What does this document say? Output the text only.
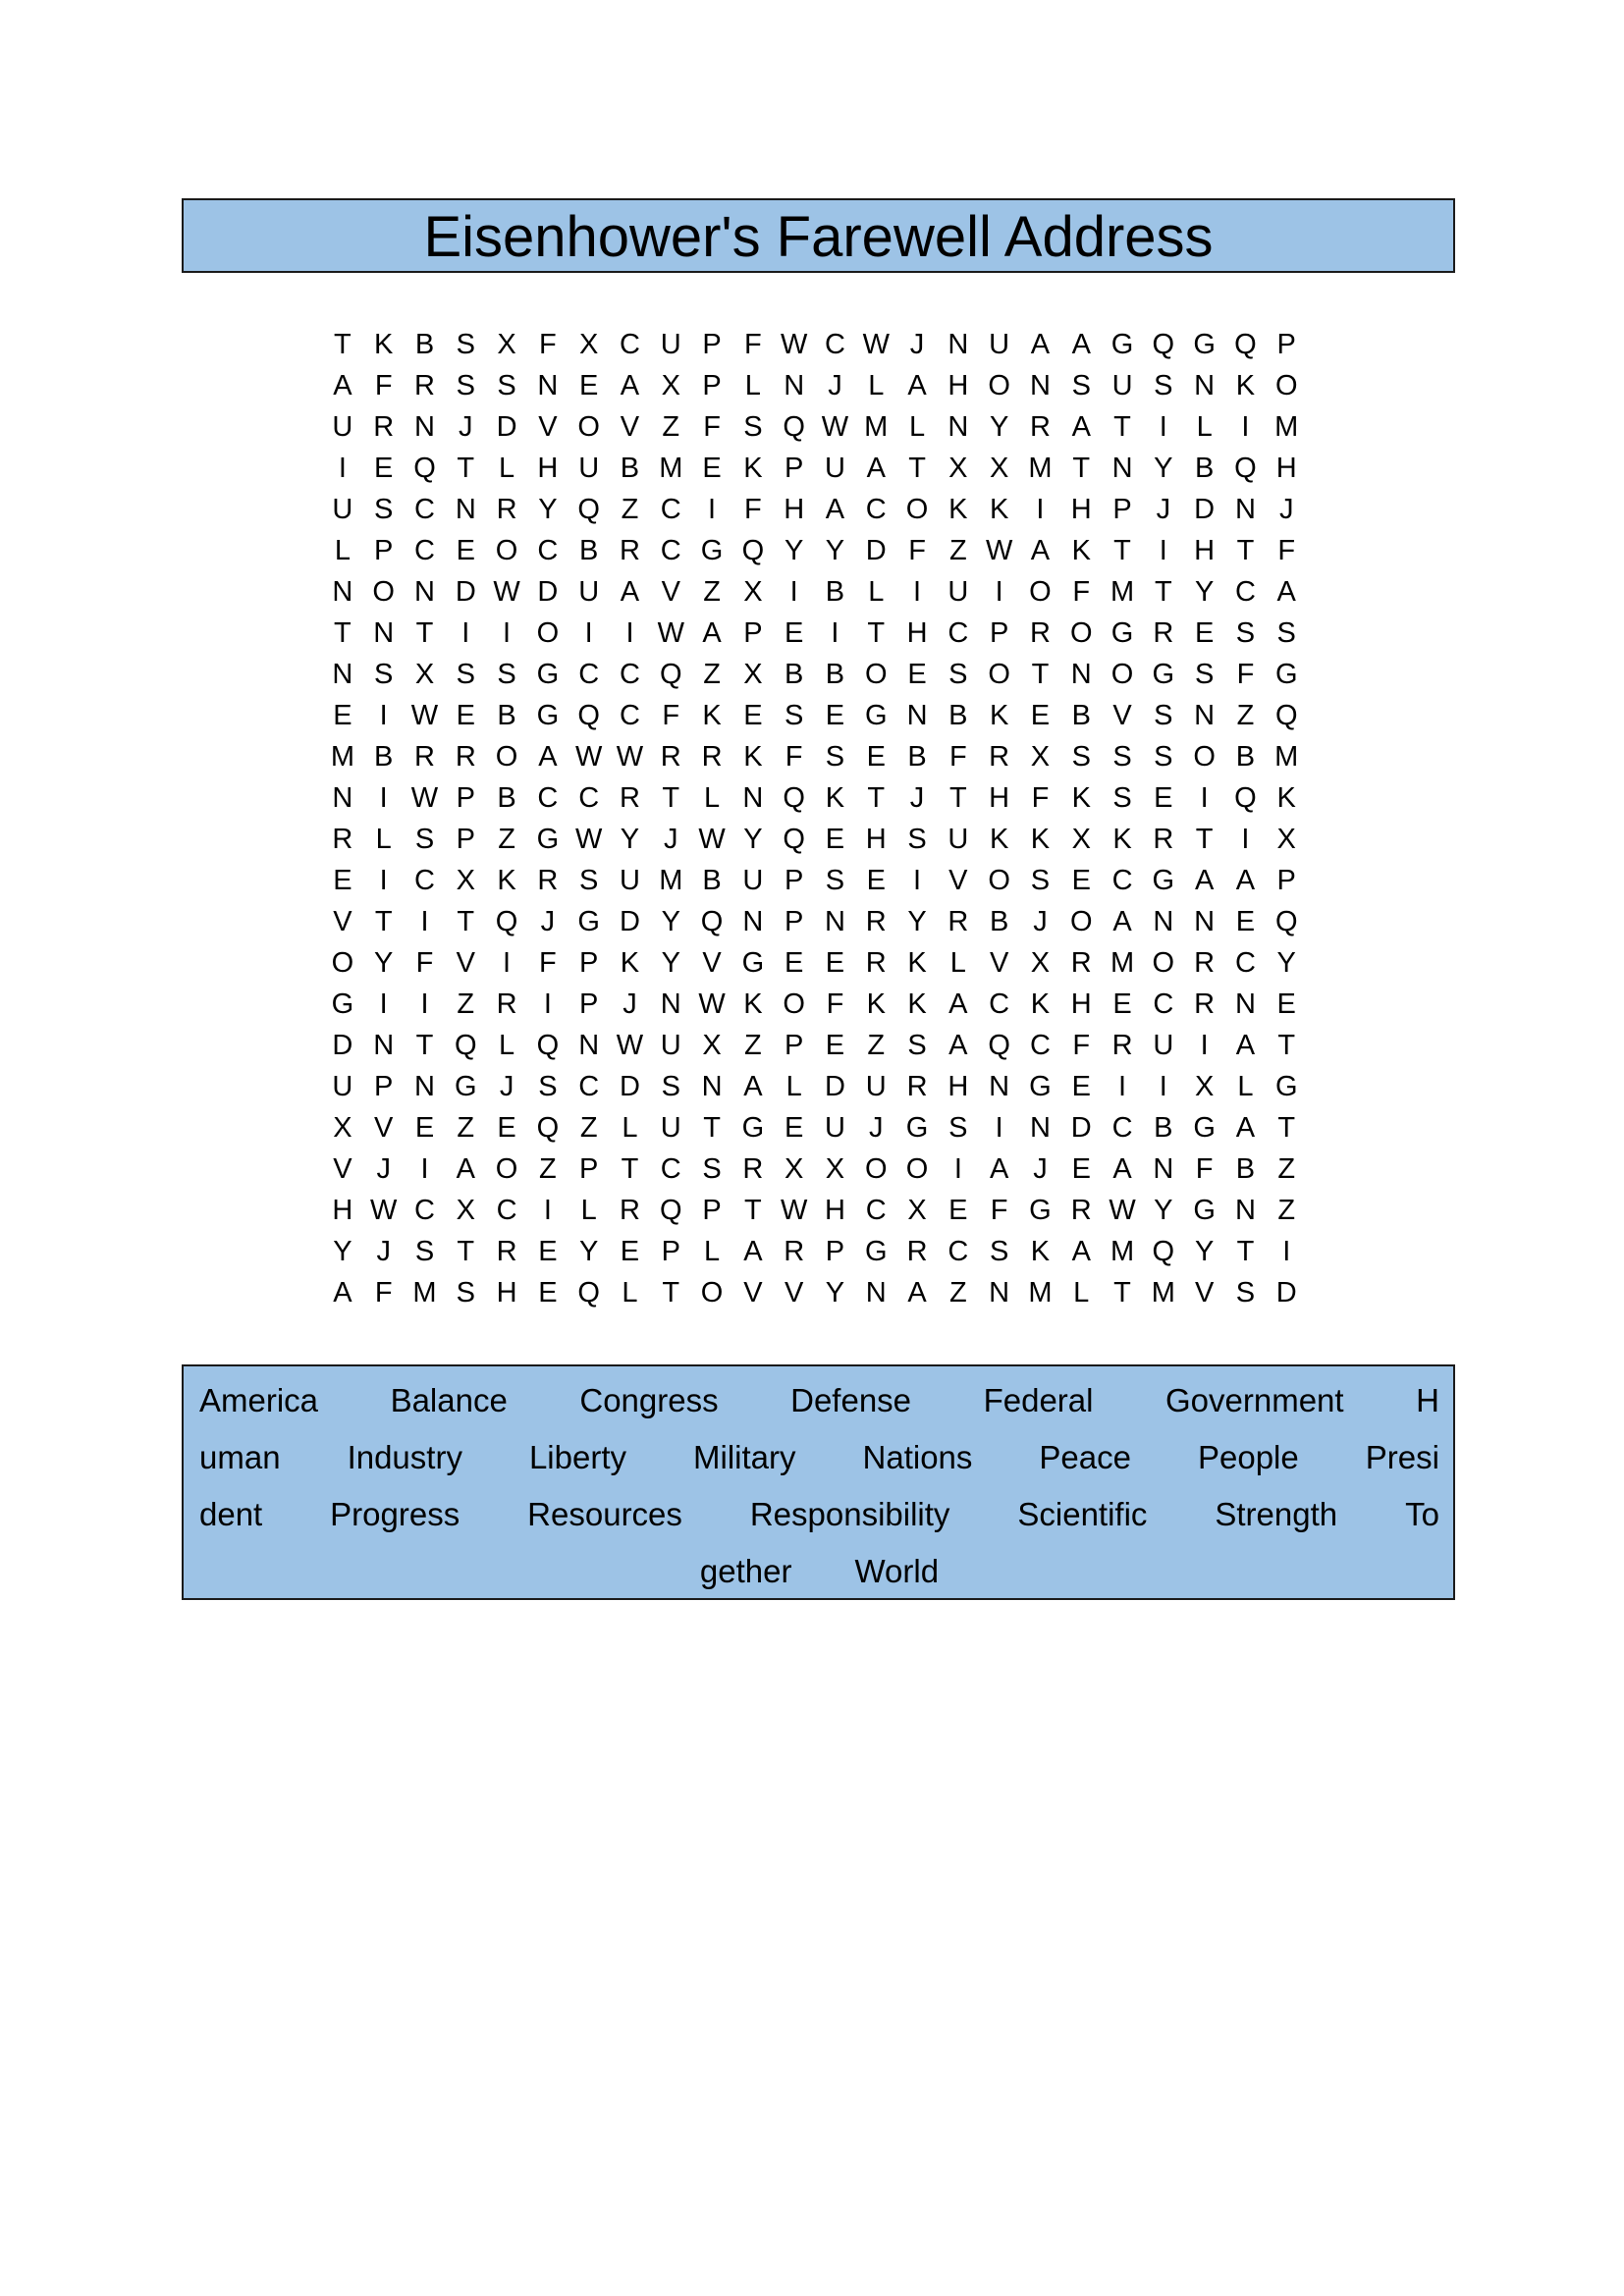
Eisenhower's Farewell Address
T K B S X F X C U P F W C W J N U A A G Q G Q P
A F R S S N E A X P L N J L A H O N S U S N K O
U R N J D V O V Z F S Q W M L N Y R A T I	L	I M
I E Q T L H U B M E K P U A T X X M T N Y B Q H
U S C N R Y Q Z C I F H A C O K K I H P J D N J
L P C E O C B R C G Q Y Y D F Z W A K T I H T F
N O N D W D U A V Z X I B L	I U I O F M T Y C A
T N T I	I O I	I W A P E I T H C P R O G R E S S
N S X S S G C C Q Z X B B O E S O T N O G S F G
E I W E B G Q C F K E S E G N B K E B V S N Z Q
M B R R O A W W R R K F S E B F R X S S S O B M
N I W P B C C R T L N Q K T J T H F K S E I Q K
R L S P Z G W Y J W Y Q E H S U K K X K R T I X
E I C X K R S U M B U P S E I V O S E C G A A P
V T I T Q J G D Y Q N P N R Y R B J O A N N E Q
O Y F V I F P K Y V G E E R K L V X R M O R C Y
G I	I Z R I P J N W K O F K K A C K H E C R N E
D N T Q L Q N W U X Z P E Z S A Q C F R U I A T
U P N G J S C D S N A L D U R H N G E I	I X L G
X V E Z E Q Z L U T G E U J G S I N D C B G A T
V J	I A O Z P T C S R X X O O I A J E A N F B Z
H W C X C I	L R Q P T W H C X E F G R W Y G N Z
Y J S T R E Y E P L A R P G R C S K A M Q Y T I
A F M S H E Q L T O V V Y N A Z N M L T M V S D
America Balance Congress Defense Federal Government H
uman Industry Liberty Military Nations Peace People Presi
dent Progress Resources Responsibility Scientific Strength To
gether World
